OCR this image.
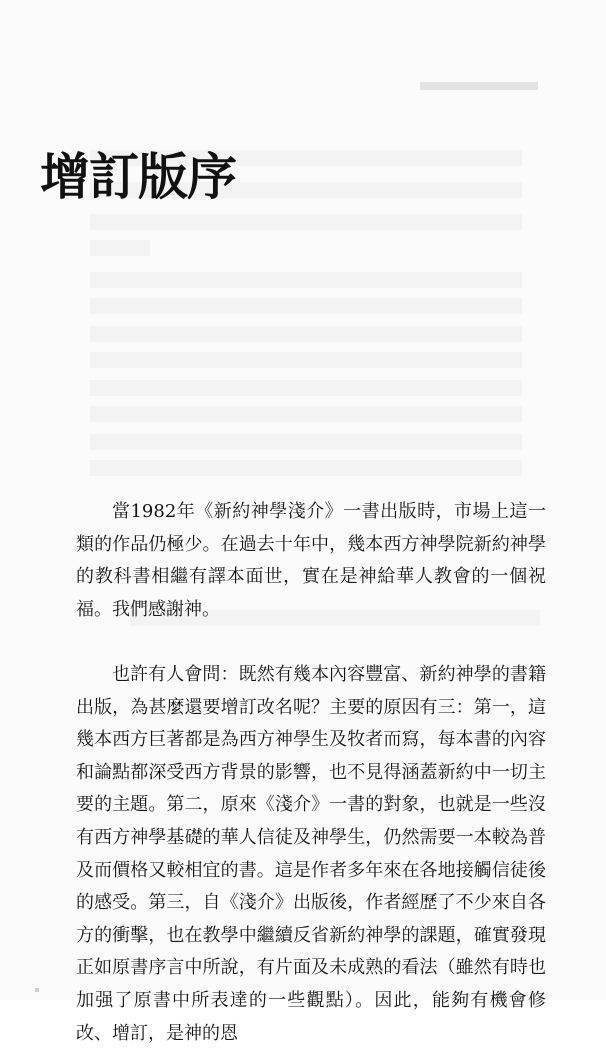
增訂版序

當1982年《新約神學淺介》一書出版時，市場上這一類的作品仍極少。在過去十年中，幾本西方神學院新約神學的教科書相繼有譯本面世，實在是神給華人教會的一個祝福。我們感謝神。

也許有人會問：既然有幾本內容豐富、新約神學的書籍出版，為甚麼還要增訂改名呢？主要的原因有三：第一，這幾本西方巨著都是為西方神學生及牧者而寫，每本書的內容和論點都深受西方背景的影響，也不見得涵蓋新約中一切主要的主題。第二，原來《淺介》一書的對象，也就是一些沒有西方神學基礎的華人信徒及神學生，仍然需要一本較為普及而價格又較相宜的書。這是作者多年來在各地接觸信徒後的感受。第三，自《淺介》出版後，作者經歷了不少來自各方的衝擊，也在教學中繼續反省新約神學的課題，確實發現正如原書序言中所說，有片面及未成熟的看法（雖然有時也加强了原書中所表達的一些觀點）。因此，能夠有機會修改、增訂，是神的恩
